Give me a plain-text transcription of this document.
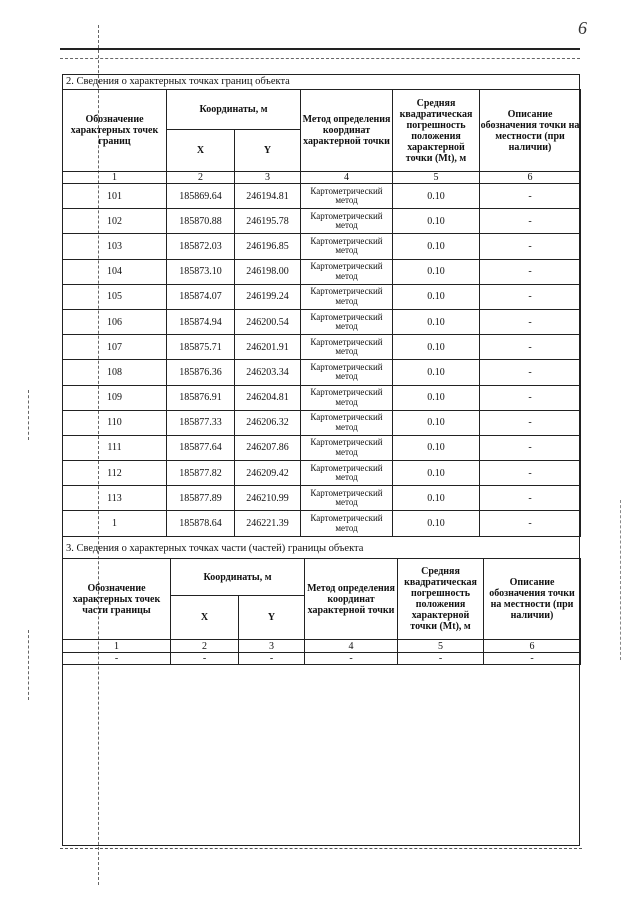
6
2. Сведения о характерных точках границ объекта
Обозначение характерных точек границ	Координаты, м		Метод определения координат характерной точки	Средняя квадратическая погрешность положения характерной точки (Mt), м	Описание обозначения точки на местности (при наличии)
	X	Y			
1	2	3	4	5	6
101	185869.64	246194.81	Картометрический метод	0.10	-
102	185870.88	246195.78	Картометрический метод	0.10	-
103	185872.03	246196.85	Картометрический метод	0.10	-
104	185873.10	246198.00	Картометрический метод	0.10	-
105	185874.07	246199.24	Картометрический метод	0.10	-
106	185874.94	246200.54	Картометрический метод	0.10	-
107	185875.71	246201.91	Картометрический метод	0.10	-
108	185876.36	246203.34	Картометрический метод	0.10	-
109	185876.91	246204.81	Картометрический метод	0.10	-
110	185877.33	246206.32	Картометрический метод	0.10	-
111	185877.64	246207.86	Картометрический метод	0.10	-
112	185877.82	246209.42	Картометрический метод	0.10	-
113	185877.89	246210.99	Картометрический метод	0.10	-
1	185878.64	246221.39	Картометрический метод	0.10	-
3. Сведения о характерных точках части (частей) границы объекта
Обозначение характерных точек части границы	Координаты, м		Метод определения координат характерной точки	Средняя квадратическая погрешность положения характерной точки (Mt), м	Описание обозначения точки на местности (при наличии)
	X	Y			
1	2	3	4	5	6
-	-	-	-	-	-
